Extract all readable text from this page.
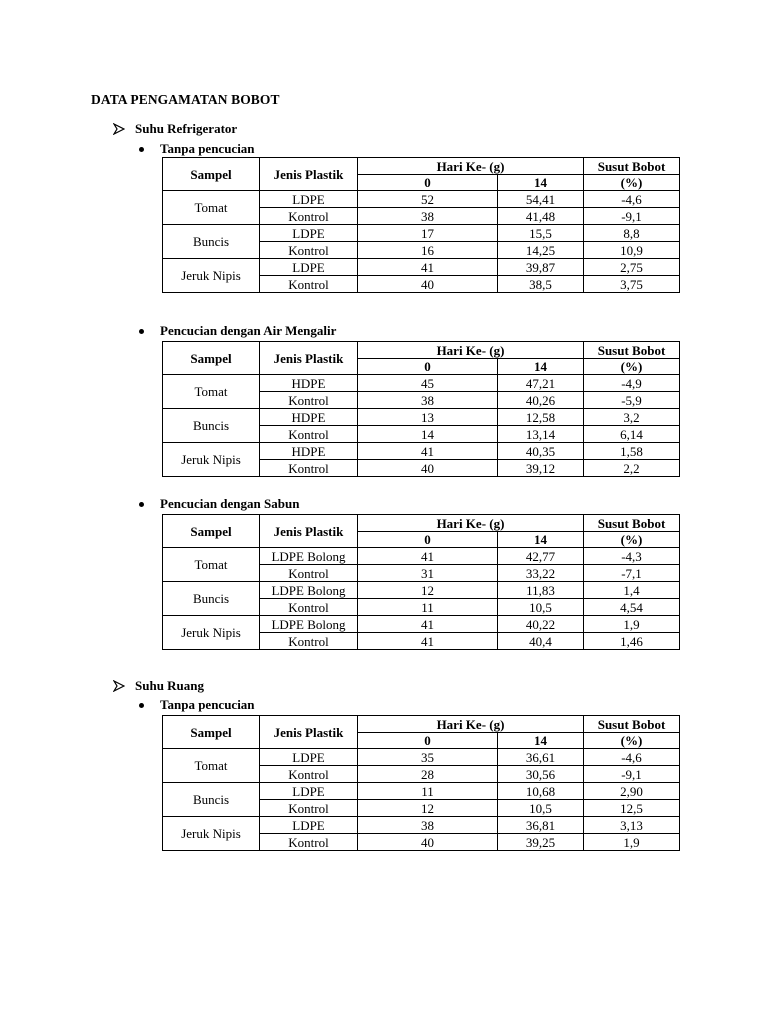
DATA PENGAMATAN BOBOT
Suhu Refrigerator
Tanpa pencucian
Sampel	Jenis Plastik	Hari Ke- (g)		Susut Bobot
		0	14	(%)
Tomat	LDPE	52	54,41	-4,6
	Kontrol	38	41,48	-9,1
Buncis	LDPE	17	15,5	8,8
	Kontrol	16	14,25	10,9
Jeruk Nipis	LDPE	41	39,87	2,75
	Kontrol	40	38,5	3,75
Pencucian dengan Air Mengalir
Sampel	Jenis Plastik	Hari Ke- (g)		Susut Bobot
		0	14	(%)
Tomat	HDPE	45	47,21	-4,9
	Kontrol	38	40,26	-5,9
Buncis	HDPE	13	12,58	3,2
	Kontrol	14	13,14	6,14
Jeruk Nipis	HDPE	41	40,35	1,58
	Kontrol	40	39,12	2,2
Pencucian dengan Sabun
Sampel	Jenis Plastik	Hari Ke- (g)		Susut Bobot
		0	14	(%)
Tomat	LDPE Bolong	41	42,77	-4,3
	Kontrol	31	33,22	-7,1
Buncis	LDPE Bolong	12	11,83	1,4
	Kontrol	11	10,5	4,54
Jeruk Nipis	LDPE Bolong	41	40,22	1,9
	Kontrol	41	40,4	1,46
Suhu Ruang
Tanpa pencucian
Sampel	Jenis Plastik	Hari Ke- (g)		Susut Bobot
		0	14	(%)
Tomat	LDPE	35	36,61	-4,6
	Kontrol	28	30,56	-9,1
Buncis	LDPE	11	10,68	2,90
	Kontrol	12	10,5	12,5
Jeruk Nipis	LDPE	38	36,81	3,13
	Kontrol	40	39,25	1,9
